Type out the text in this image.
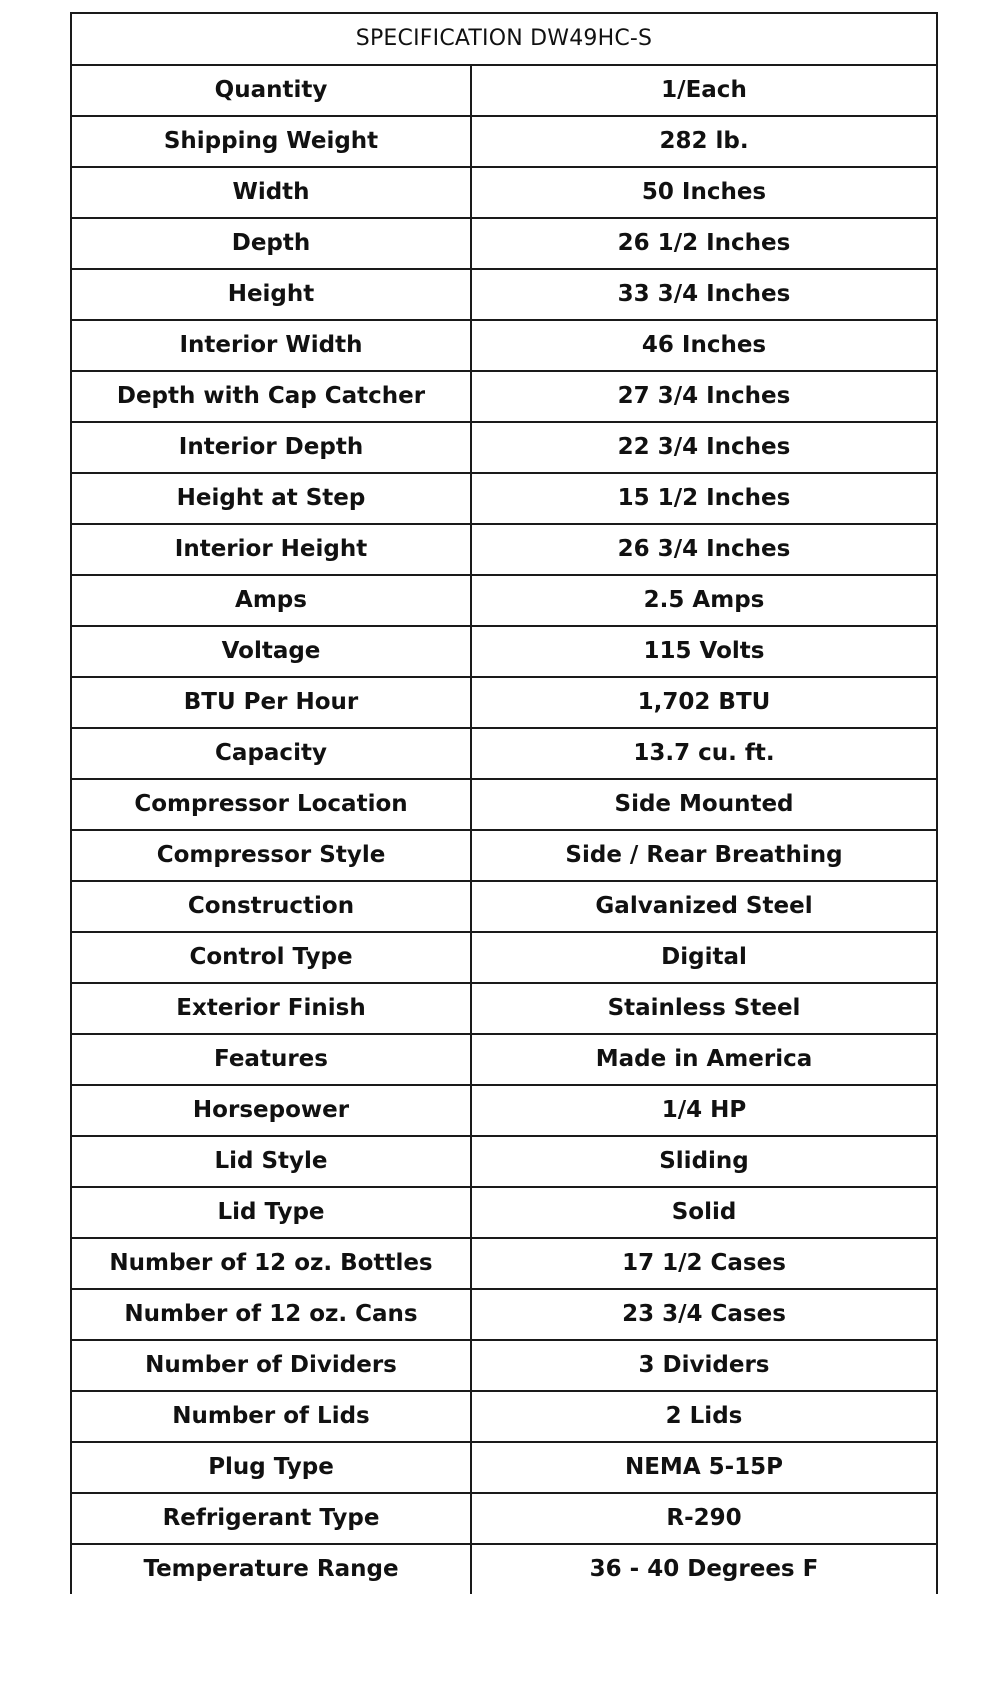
SPECIFICATION DW49HC-S	
Quantity	1/Each
Shipping Weight	282 lb.
Width	50 Inches
Depth	26 1/2 Inches
Height	33 3/4 Inches
Interior Width	46 Inches
Depth with Cap Catcher	27 3/4 Inches
Interior Depth	22 3/4 Inches
Height at Step	15 1/2 Inches
Interior Height	26 3/4 Inches
Amps	2.5 Amps
Voltage	115 Volts
BTU Per Hour	1,702 BTU
Capacity	13.7 cu. ft.
Compressor Location	Side Mounted
Compressor Style	Side / Rear Breathing
Construction	Galvanized Steel
Control Type	Digital
Exterior Finish	Stainless Steel
Features	Made in America
Horsepower	1/4 HP
Lid Style	Sliding
Lid Type	Solid
Number of 12 oz. Bottles	17 1/2 Cases
Number of 12 oz. Cans	23 3/4 Cases
Number of Dividers	3 Dividers
Number of Lids	2 Lids
Plug Type	NEMA 5-15P
Refrigerant Type	R-290
Temperature Range	36 - 40 Degrees F
